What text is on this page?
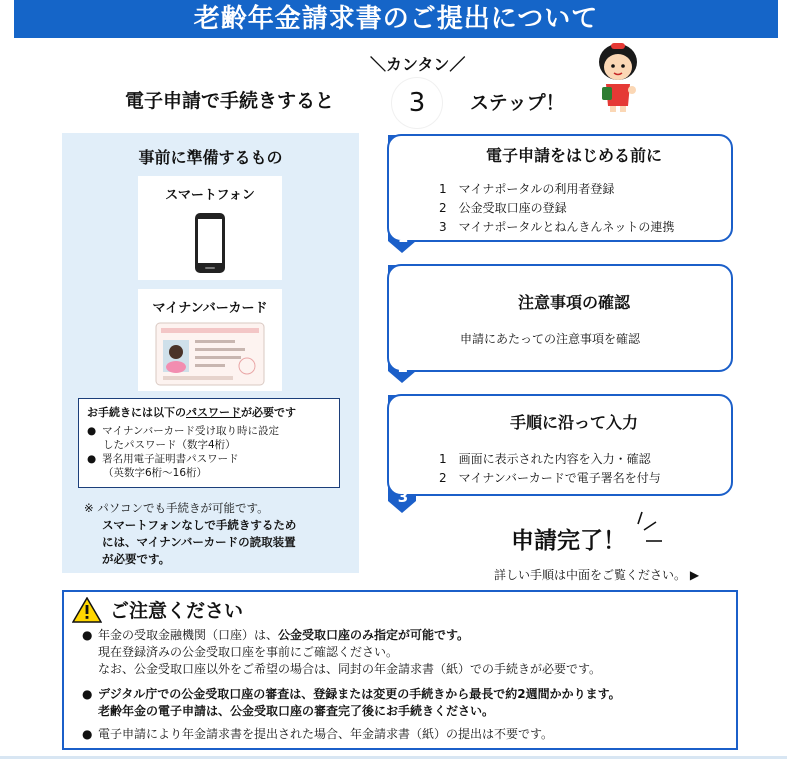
老齢年金請求書のご提出について
電子申請で手続きすると
＼カンタン／
3	ステップ！
事前に準備するもの
スマートフォン
マイナンバーカード
お手続きには以下のパスワードが必要です
● マイナンバーカード受け取り時に設定
したパスワード（数字4桁）
● 署名用電子証明書パスワード
（英数字6桁～16桁）
※ パソコンでも手続きが可能です。
スマートフォンなしで手続きするため
には、マイナンバーカードの読取装置
が必要です。
電子申請をはじめる前に
1　マイナポータルの利用者登録
2　公金受取口座の登録
3　マイナポータルとねんきんネットの連携
ス
テ
ッ
プ
1
注意事項の確認
申請にあたっての注意事項を確認
ス
テ
ッ
プ
2
手順に沿って入力
1　画面に表示された内容を入力・確認
2　マイナンバーカードで電子署名を付与
ス
テ
ッ
プ
3
申請完了！
詳しい手順は中面をご覧ください。 ▶
ご注意ください
● 年金の受取金融機関（口座）は、公金受取口座のみ指定が可能です。
現在登録済みの公金受取口座を事前にご確認ください。
なお、公金受取口座以外をご希望の場合は、同封の年金請求書（紙）での手続きが必要です。
● デジタル庁での公金受取口座の審査は、登録または変更の手続きから最長で約2週間かかります。
老齢年金の電子申請は、公金受取口座の審査完了後にお手続きください。
● 電子申請により年金請求書を提出された場合、年金請求書（紙）の提出は不要です。
